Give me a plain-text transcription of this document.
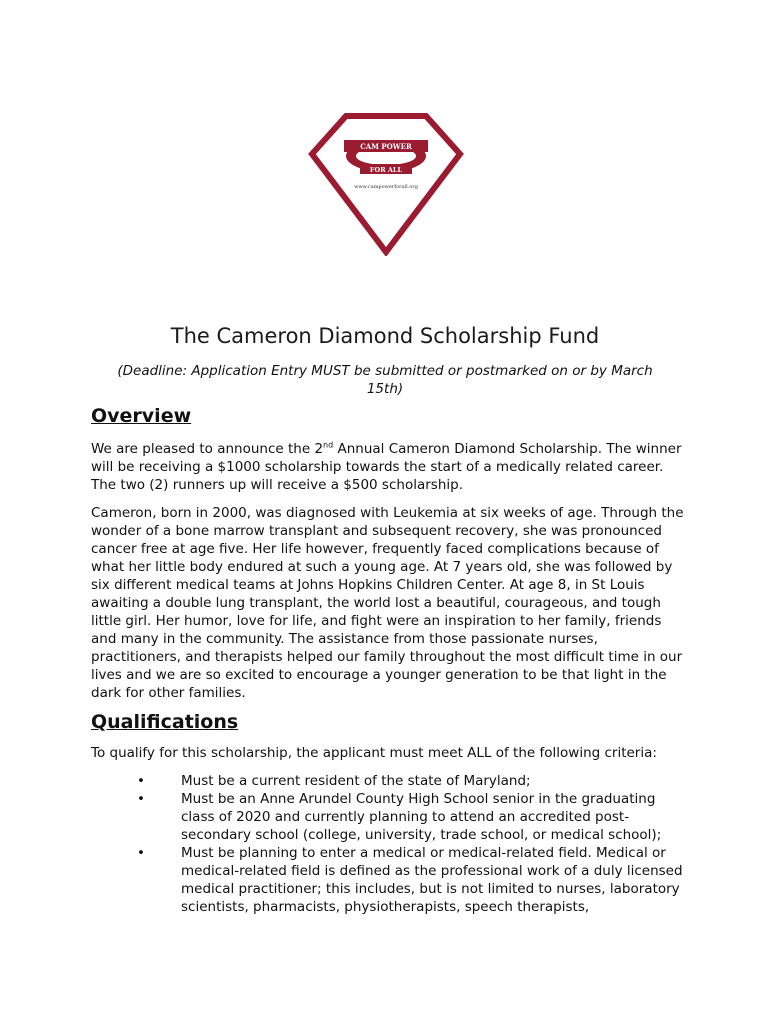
CAM POWER
FOR ALL
www.campowerforall.org
The Cameron Diamond Scholarship Fund
(Deadline: Application Entry MUST be submitted or postmarked on or by March 15th)
Overview
We are pleased to announce the 2nd Annual Cameron Diamond Scholarship. The winner will be receiving a $1000 scholarship towards the start of a medically related career. The two (2) runners up will receive a $500 scholarship.
Cameron, born in 2000, was diagnosed with Leukemia at six weeks of age. Through the wonder of a bone marrow transplant and subsequent recovery, she was pronounced cancer free at age five. Her life however, frequently faced complications because of what her little body endured at such a young age. At 7 years old, she was followed by six different medical teams at Johns Hopkins Children Center. At age 8, in St Louis awaiting a double lung transplant, the world lost a beautiful, courageous, and tough little girl. Her humor, love for life, and fight were an inspiration to her family, friends and many in the community. The assistance from those passionate nurses, practitioners, and therapists helped our family throughout the most difficult time in our lives and we are so excited to encourage a younger generation to be that light in the dark for other families.
Qualifications
To qualify for this scholarship, the applicant must meet ALL of the following criteria:
•	Must be a current resident of the state of Maryland;
•	Must be an Anne Arundel County High School senior in the graduating class of 2020 and currently planning to attend an accredited post-secondary school (college, university, trade school, or medical school);
•	Must be planning to enter a medical or medical-related field. Medical or medical-related field is defined as the professional work of a duly licensed medical practitioner; this includes, but is not limited to nurses, laboratory scientists, pharmacists, physiotherapists, speech therapists,
